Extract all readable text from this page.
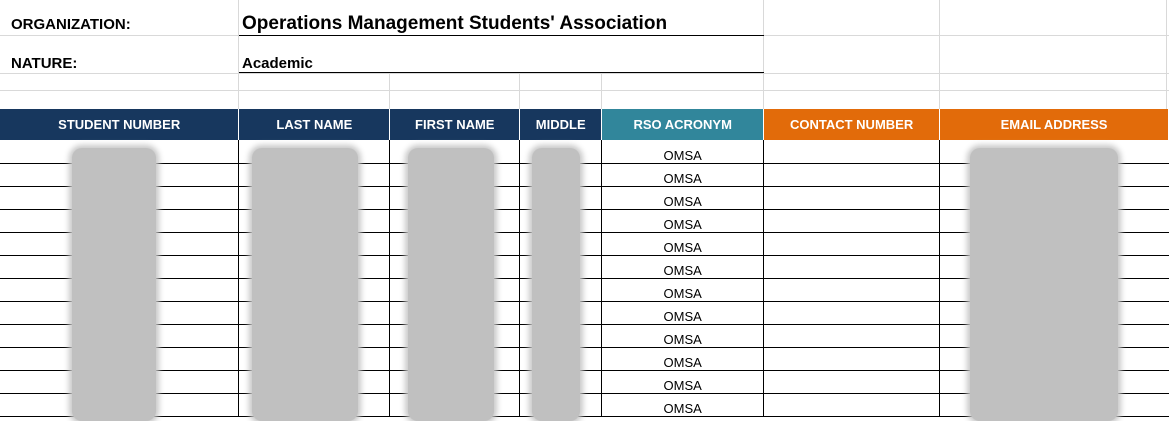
ORGANIZATION:	Operations Management Students' Association
NATURE:	Academic
STUDENT NUMBER	LAST NAME	FIRST NAME	MIDDLE	RSO ACRONYM	CONTACT NUMBER	EMAIL ADDRESS
				OMSA		
				OMSA		
				OMSA		
				OMSA		
				OMSA		
				OMSA		
				OMSA		
				OMSA		
				OMSA		
				OMSA		
				OMSA		
				OMSA		
